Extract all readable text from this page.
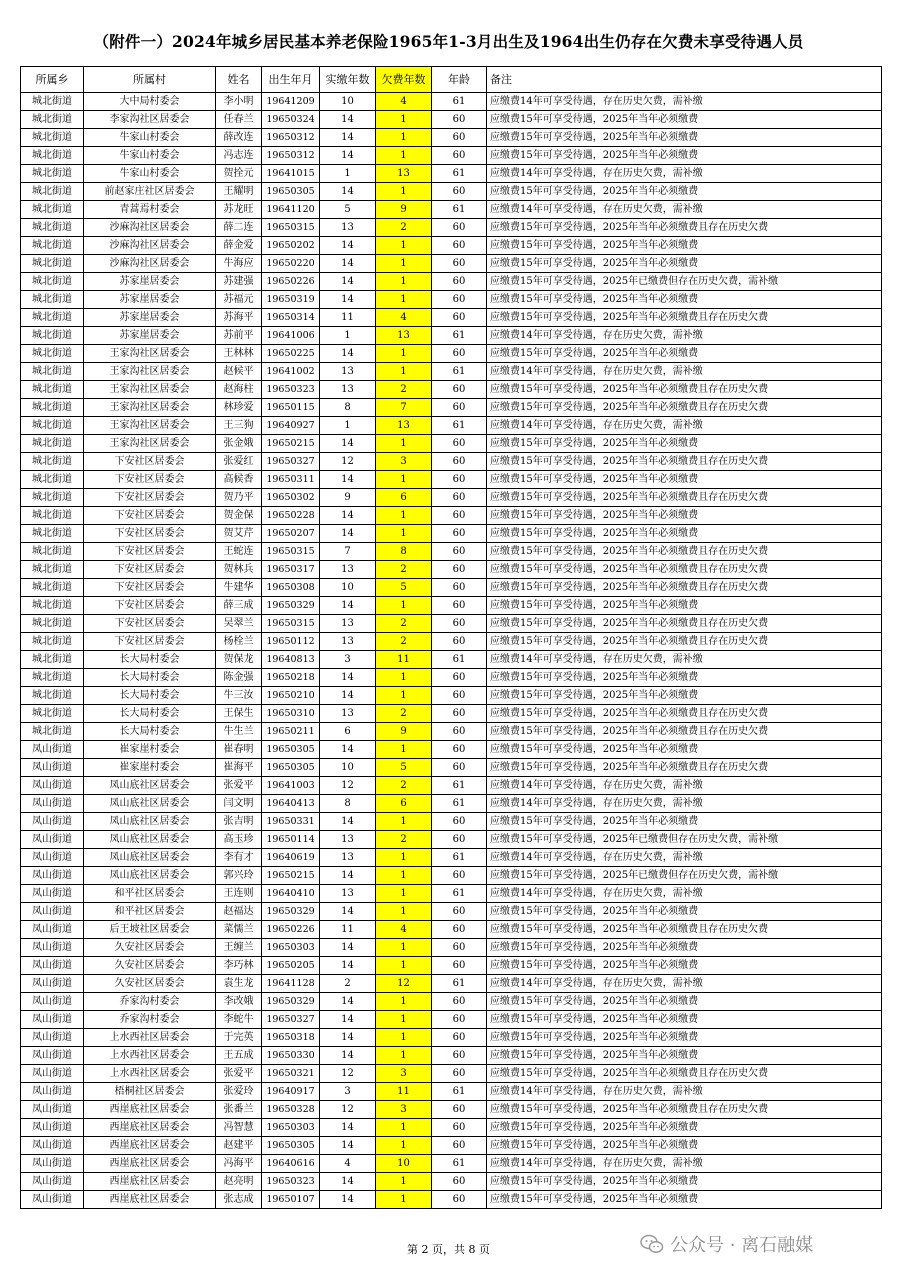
（附件一）2024年城乡居民基本养老保险1965年1-3月出生及1964出生仍存在欠费未享受待遇人员
所属乡	所属村	姓名	出生年月	实缴年数	欠费年数	年龄	备注
城北街道	大中局村委会	李小明	19641209	10	4	61	应缴费14年可享受待遇，存在历史欠费，需补缴
城北街道	李家沟社区居委会	任春兰	19650324	14	1	60	应缴费15年可享受待遇，2025年当年必须缴费
城北街道	牛家山村委会	薛改连	19650312	14	1	60	应缴费15年可享受待遇，2025年当年必须缴费
城北街道	牛家山村委会	冯志连	19650312	14	1	60	应缴费15年可享受待遇，2025年当年必须缴费
城北街道	牛家山村委会	贺拴元	19641015	1	13	61	应缴费14年可享受待遇，存在历史欠费，需补缴
城北街道	前赵家庄社区居委会	王耀明	19650305	14	1	60	应缴费15年可享受待遇，2025年当年必须缴费
城北街道	青蒿焉村委会	苏龙旺	19641120	5	9	61	应缴费14年可享受待遇，存在历史欠费，需补缴
城北街道	沙麻沟社区居委会	薛二连	19650315	13	2	60	应缴费15年可享受待遇，2025年当年必须缴费且存在历史欠费
城北街道	沙麻沟社区居委会	薛金爱	19650202	14	1	60	应缴费15年可享受待遇，2025年当年必须缴费
城北街道	沙麻沟社区居委会	牛海应	19650220	14	1	60	应缴费15年可享受待遇，2025年当年必须缴费
城北街道	苏家崖居委会	苏建强	19650226	14	1	60	应缴费15年可享受待遇，2025年已缴费但存在历史欠费，需补缴
城北街道	苏家崖居委会	苏福元	19650319	14	1	60	应缴费15年可享受待遇，2025年当年必须缴费
城北街道	苏家崖居委会	苏海平	19650314	11	4	60	应缴费15年可享受待遇，2025年当年必须缴费且存在历史欠费
城北街道	苏家崖居委会	苏前平	19641006	1	13	61	应缴费14年可享受待遇，存在历史欠费，需补缴
城北街道	王家沟社区居委会	王林林	19650225	14	1	60	应缴费15年可享受待遇，2025年当年必须缴费
城北街道	王家沟社区居委会	赵候平	19641002	13	1	61	应缴费14年可享受待遇，存在历史欠费，需补缴
城北街道	王家沟社区居委会	赵海柱	19650323	13	2	60	应缴费15年可享受待遇，2025年当年必须缴费且存在历史欠费
城北街道	王家沟社区居委会	林珍爱	19650115	8	7	60	应缴费15年可享受待遇，2025年当年必须缴费且存在历史欠费
城北街道	王家沟社区居委会	王三狗	19640927	1	13	61	应缴费14年可享受待遇，存在历史欠费，需补缴
城北街道	王家沟社区居委会	张金娥	19650215	14	1	60	应缴费15年可享受待遇，2025年当年必须缴费
城北街道	下安社区居委会	张爱红	19650327	12	3	60	应缴费15年可享受待遇，2025年当年必须缴费且存在历史欠费
城北街道	下安社区居委会	高候香	19650311	14	1	60	应缴费15年可享受待遇，2025年当年必须缴费
城北街道	下安社区居委会	贺乃平	19650302	9	6	60	应缴费15年可享受待遇，2025年当年必须缴费且存在历史欠费
城北街道	下安社区居委会	贺金保	19650228	14	1	60	应缴费15年可享受待遇，2025年当年必须缴费
城北街道	下安社区居委会	贺艾芹	19650207	14	1	60	应缴费15年可享受待遇，2025年当年必须缴费
城北街道	下安社区居委会	王蛇连	19650315	7	8	60	应缴费15年可享受待遇，2025年当年必须缴费且存在历史欠费
城北街道	下安社区居委会	贺林兵	19650317	13	2	60	应缴费15年可享受待遇，2025年当年必须缴费且存在历史欠费
城北街道	下安社区居委会	牛建华	19650308	10	5	60	应缴费15年可享受待遇，2025年当年必须缴费且存在历史欠费
城北街道	下安社区居委会	薛三成	19650329	14	1	60	应缴费15年可享受待遇，2025年当年必须缴费
城北街道	下安社区居委会	吴翠兰	19650315	13	2	60	应缴费15年可享受待遇，2025年当年必须缴费且存在历史欠费
城北街道	下安社区居委会	杨栓兰	19650112	13	2	60	应缴费15年可享受待遇，2025年当年必须缴费且存在历史欠费
城北街道	长大局村委会	贺保龙	19640813	3	11	61	应缴费14年可享受待遇，存在历史欠费，需补缴
城北街道	长大局村委会	陈金强	19650218	14	1	60	应缴费15年可享受待遇，2025年当年必须缴费
城北街道	长大局村委会	牛三汝	19650210	14	1	60	应缴费15年可享受待遇，2025年当年必须缴费
城北街道	长大局村委会	王保生	19650310	13	2	60	应缴费15年可享受待遇，2025年当年必须缴费且存在历史欠费
城北街道	长大局村委会	牛生兰	19650211	6	9	60	应缴费15年可享受待遇，2025年当年必须缴费且存在历史欠费
凤山街道	崔家崖村委会	崔春明	19650305	14	1	60	应缴费15年可享受待遇，2025年当年必须缴费
凤山街道	崔家崖村委会	崔海平	19650305	10	5	60	应缴费15年可享受待遇，2025年当年必须缴费且存在历史欠费
凤山街道	凤山底社区居委会	张爱平	19641003	12	2	61	应缴费14年可享受待遇，存在历史欠费，需补缴
凤山街道	凤山底社区居委会	闫文明	19640413	8	6	61	应缴费14年可享受待遇，存在历史欠费，需补缴
凤山街道	凤山底社区居委会	张吉明	19650331	14	1	60	应缴费15年可享受待遇，2025年当年必须缴费
凤山街道	凤山底社区居委会	高玉珍	19650114	13	2	60	应缴费15年可享受待遇，2025年已缴费但存在历史欠费，需补缴
凤山街道	凤山底社区居委会	李有才	19640619	13	1	61	应缴费14年可享受待遇，存在历史欠费，需补缴
凤山街道	凤山底社区居委会	郭兴玲	19650215	14	1	60	应缴费15年可享受待遇，2025年已缴费但存在历史欠费，需补缴
凤山街道	和平社区居委会	王连则	19640410	13	1	61	应缴费14年可享受待遇，存在历史欠费，需补缴
凤山街道	和平社区居委会	赵福达	19650329	14	1	60	应缴费15年可享受待遇，2025年当年必须缴费
凤山街道	后王坡社区居委会	菜懦兰	19650226	11	4	60	应缴费15年可享受待遇，2025年当年必须缴费且存在历史欠费
凤山街道	久安社区居委会	王缠兰	19650303	14	1	60	应缴费15年可享受待遇，2025年当年必须缴费
凤山街道	久安社区居委会	李巧林	19650205	14	1	60	应缴费15年可享受待遇，2025年当年必须缴费
凤山街道	久安社区居委会	袁生龙	19641128	2	12	61	应缴费14年可享受待遇，存在历史欠费，需补缴
凤山街道	乔家沟村委会	李改娥	19650329	14	1	60	应缴费15年可享受待遇，2025年当年必须缴费
凤山街道	乔家沟村委会	李蛇牛	19650327	14	1	60	应缴费15年可享受待遇，2025年当年必须缴费
凤山街道	上水西社区居委会	于完英	19650318	14	1	60	应缴费15年可享受待遇，2025年当年必须缴费
凤山街道	上水西社区居委会	王五成	19650330	14	1	60	应缴费15年可享受待遇，2025年当年必须缴费
凤山街道	上水西社区居委会	张爱平	19650321	12	3	60	应缴费15年可享受待遇，2025年当年必须缴费且存在历史欠费
凤山街道	梧桐社区居委会	张爱玲	19640917	3	11	61	应缴费14年可享受待遇，存在历史欠费，需补缴
凤山街道	西崖底社区居委会	张番兰	19650328	12	3	60	应缴费15年可享受待遇，2025年当年必须缴费且存在历史欠费
凤山街道	西崖底社区居委会	冯智慧	19650303	14	1	60	应缴费15年可享受待遇，2025年当年必须缴费
凤山街道	西崖底社区居委会	赵建平	19650305	14	1	60	应缴费15年可享受待遇，2025年当年必须缴费
凤山街道	西崖底社区居委会	冯海平	19640616	4	10	61	应缴费14年可享受待遇，存在历史欠费，需补缴
凤山街道	西崖底社区居委会	赵亮明	19650323	14	1	60	应缴费15年可享受待遇，2025年当年必须缴费
凤山街道	西崖底社区居委会	张志成	19650107	14	1	60	应缴费15年可享受待遇，2025年当年必须缴费
第 2 页，共 8 页	公众号 · 离石融媒
